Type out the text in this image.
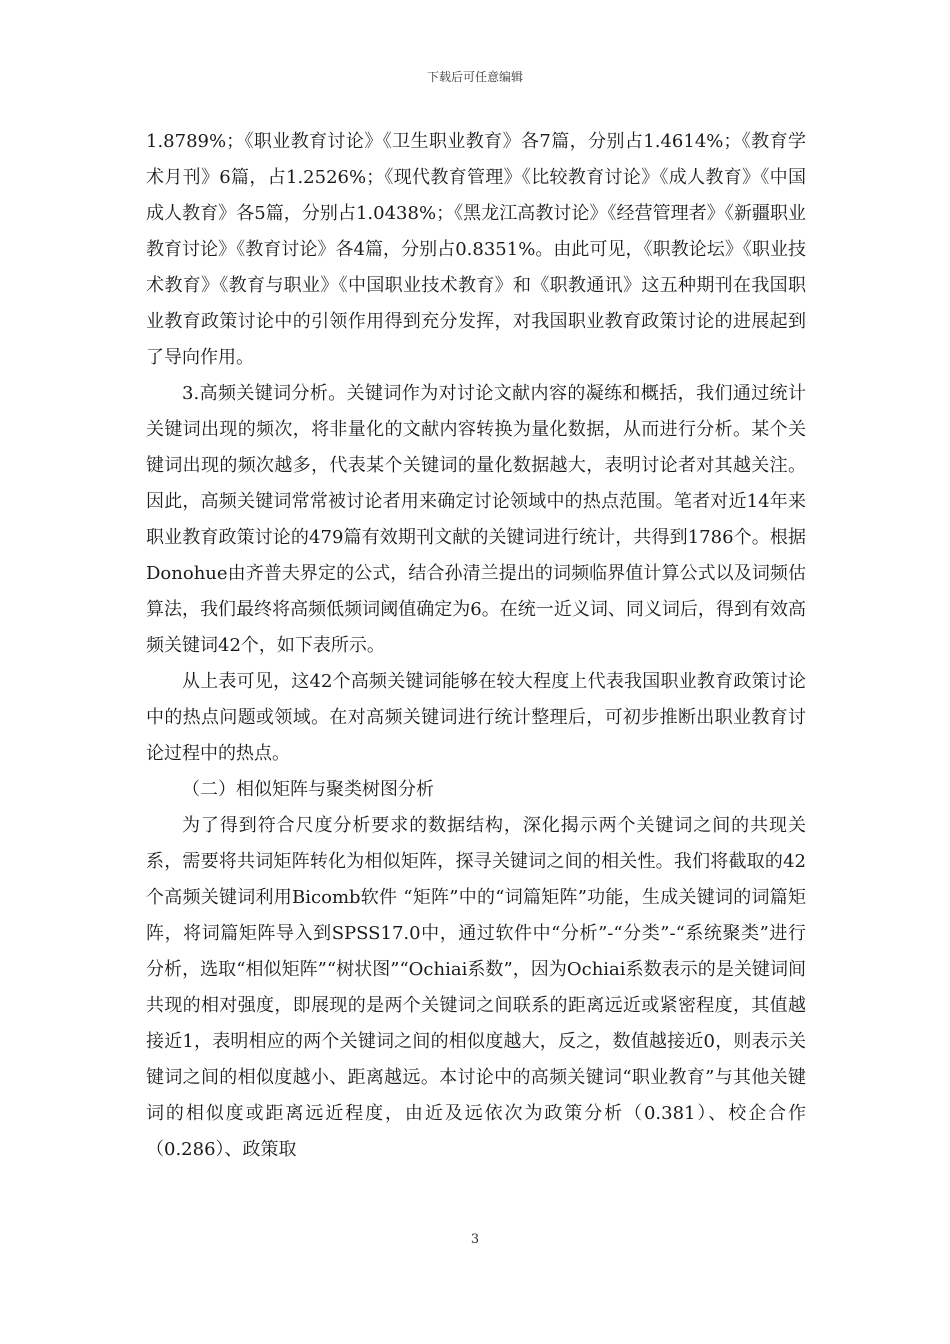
下载后可任意编辑

1.8789%；《职业教育讨论》《卫生职业教育》各7篇，分别占1.4614%；《教育学术月刊》6篇，占1.2526%；《现代教育管理》《比较教育讨论》《成人教育》《中国成人教育》各5篇，分别占1.0438%；《黑龙江高教讨论》《经营管理者》《新疆职业教育讨论》《教育讨论》各4篇，分别占0.8351%。由此可见，《职教论坛》《职业技术教育》《教育与职业》《中国职业技术教育》和《职教通讯》这五种期刊在我国职业教育政策讨论中的引领作用得到充分发挥，对我国职业教育政策讨论的进展起到了导向作用。

3.高频关键词分析。关键词作为对讨论文献内容的凝练和概括，我们通过统计关键词出现的频次，将非量化的文献内容转换为量化数据，从而进行分析。某个关键词出现的频次越多，代表某个关键词的量化数据越大，表明讨论者对其越关注。因此，高频关键词常常被讨论者用来确定讨论领域中的热点范围。笔者对近14年来职业教育政策讨论的479篇有效期刊文献的关键词进行统计，共得到1786个。根据Donohue由齐普夫界定的公式，结合孙清兰提出的词频临界值计算公式以及词频估算法，我们最终将高频低频词阈值确定为6。在统一近义词、同义词后，得到有效高频关键词42个，如下表所示。

从上表可见，这42个高频关键词能够在较大程度上代表我国职业教育政策讨论中的热点问题或领域。在对高频关键词进行统计整理后，可初步推断出职业教育讨论过程中的热点。

（二）相似矩阵与聚类树图分析

为了得到符合尺度分析要求的数据结构，深化揭示两个关键词之间的共现关系，需要将共词矩阵转化为相似矩阵，探寻关键词之间的相关性。我们将截取的42个高频关键词利用Bicomb软件 “矩阵”中的“词篇矩阵”功能，生成关键词的词篇矩阵，将词篇矩阵导入到SPSS17.0中，通过软件中“分析”-“分类”-“系统聚类”进行分析，选取“相似矩阵”“树状图”“Ochiai系数”，因为Ochiai系数表示的是关键词间共现的相对强度，即展现的是两个关键词之间联系的距离远近或紧密程度，其值越接近1，表明相应的两个关键词之间的相似度越大，反之，数值越接近0，则表示关键词之间的相似度越小、距离越远。本讨论中的高频关键词“职业教育”与其他关键词的相似度或距离远近程度，由近及远依次为政策分析（0.381）、校企合作（0.286）、政策取

3
